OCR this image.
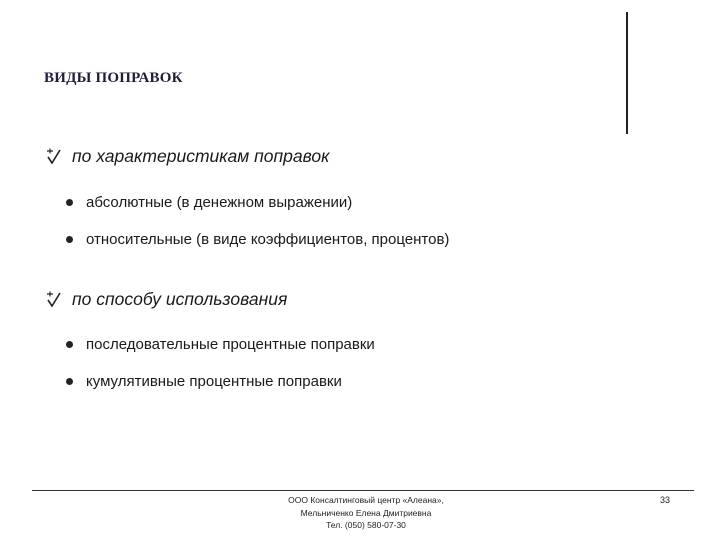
ВИДЫ ПОПРАВОК
по характеристикам поправок
абсолютные (в денежном выражении)
относительные (в виде коэффициентов, процентов)
по способу использования
последовательные процентные поправки
кумулятивные процентные поправки
ООО Консалтинговый центр «Алеана»,
Мельниченко Елена Дмитриевна
Тел. (050) 580-07-30
33
